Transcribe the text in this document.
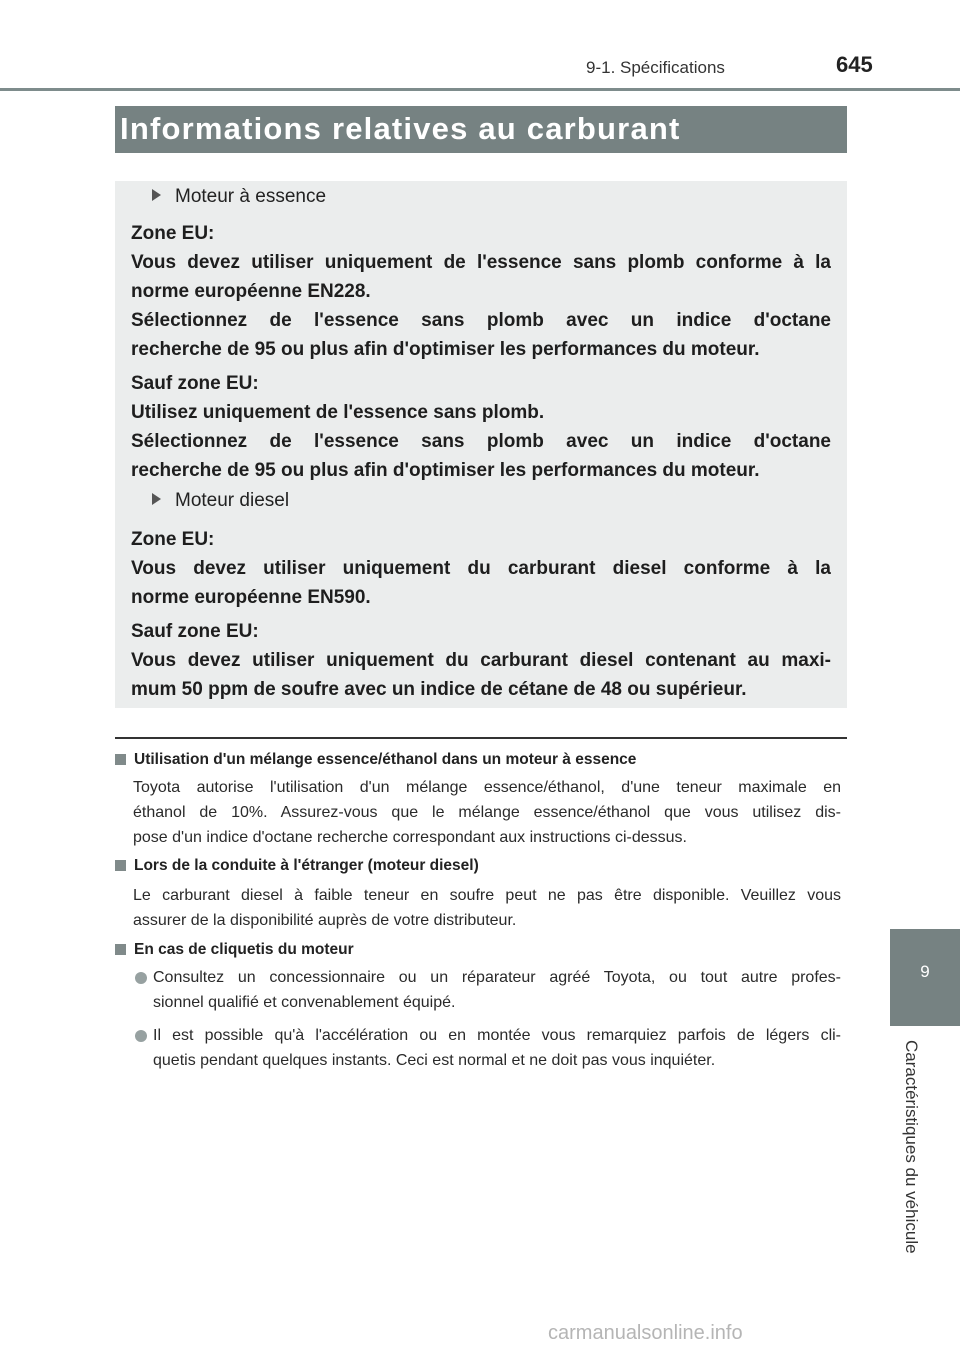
9-1. Spécifications	645
Informations relatives au carburant
Moteur à essence
Zone EU:
Vous devez utiliser uniquement de l'essence sans plomb conforme à la
norme européenne EN228.
Sélectionnez de l'essence sans plomb avec un indice d'octane
recherche de 95 ou plus afin d'optimiser les performances du moteur.
Sauf zone EU:
Utilisez uniquement de l'essence sans plomb.
Sélectionnez de l'essence sans plomb avec un indice d'octane
recherche de 95 ou plus afin d'optimiser les performances du moteur.
Moteur diesel
Zone EU:
Vous devez utiliser uniquement du carburant diesel conforme à la
norme européenne EN590.
Sauf zone EU:
Vous devez utiliser uniquement du carburant diesel contenant au maxi-
mum 50 ppm de soufre avec un indice de cétane de 48 ou supérieur.
Utilisation d'un mélange essence/éthanol dans un moteur à essence
Toyota autorise l'utilisation d'un mélange essence/éthanol, d'une teneur maximale en
éthanol de 10%. Assurez-vous que le mélange essence/éthanol que vous utilisez dis-
pose d'un indice d'octane recherche correspondant aux instructions ci-dessus.
Lors de la conduite à l'étranger (moteur diesel)
Le carburant diesel à faible teneur en soufre peut ne pas être disponible. Veuillez vous
assurer de la disponibilité auprès de votre distributeur.
En cas de cliquetis du moteur
Consultez un concessionnaire ou un réparateur agréé Toyota, ou tout autre profes-
sionnel qualifié et convenablement équipé.
Il est possible qu'à l'accélération ou en montée vous remarquiez parfois de légers cli-
quetis pendant quelques instants. Ceci est normal et ne doit pas vous inquiéter.
9
Caractéristiques du véhicule
carmanualsonline.info
